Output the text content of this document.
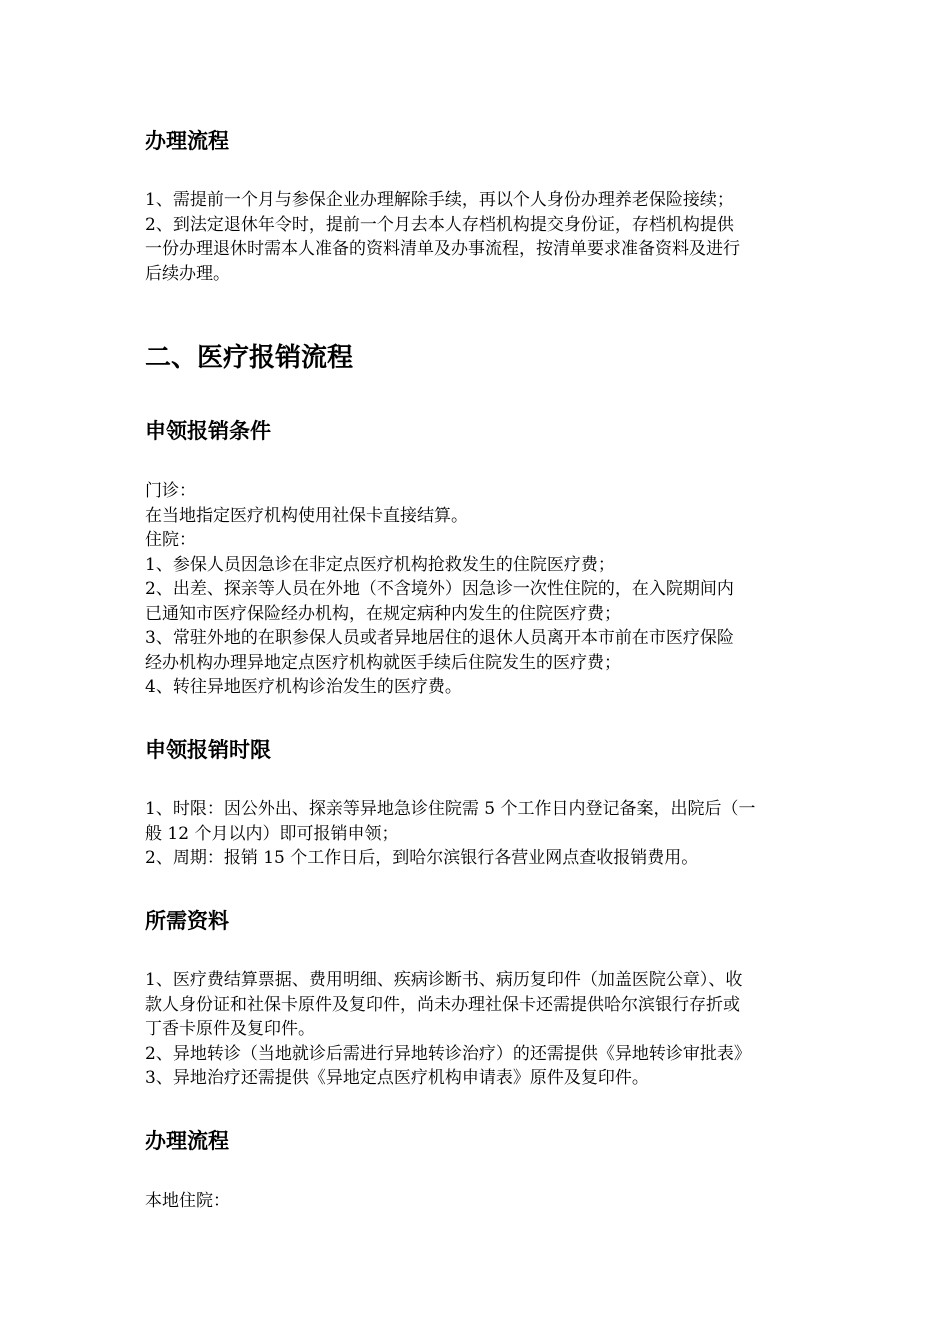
办理流程
1、需提前一个月与参保企业办理解除手续，再以个人身份办理养老保险接续；
2、到法定退休年令时，提前一个月去本人存档机构提交身份证，存档机构提供
一份办理退休时需本人准备的资料清单及办事流程，按清单要求准备资料及进行
后续办理。
二、医疗报销流程
申领报销条件
门诊：
在当地指定医疗机构使用社保卡直接结算。
住院：
1、参保人员因急诊在非定点医疗机构抢救发生的住院医疗费；
2、出差、探亲等人员在外地（不含境外）因急诊一次性住院的，在入院期间内
已通知市医疗保险经办机构，在规定病种内发生的住院医疗费；
3、常驻外地的在职参保人员或者异地居住的退休人员离开本市前在市医疗保险
经办机构办理异地定点医疗机构就医手续后住院发生的医疗费；
4、转往异地医疗机构诊治发生的医疗费。
申领报销时限
1、时限：因公外出、探亲等异地急诊住院需 5 个工作日内登记备案，出院后（一
般 12 个月以内）即可报销申领；
2、周期：报销 15 个工作日后，到哈尔滨银行各营业网点查收报销费用。
所需资料
1、医疗费结算票据、费用明细、疾病诊断书、病历复印件（加盖医院公章）、收
款人身份证和社保卡原件及复印件，尚未办理社保卡还需提供哈尔滨银行存折或
丁香卡原件及复印件。
2、异地转诊（当地就诊后需进行异地转诊治疗）的还需提供《异地转诊审批表》
3、异地治疗还需提供《异地定点医疗机构申请表》原件及复印件。
办理流程
本地住院：
